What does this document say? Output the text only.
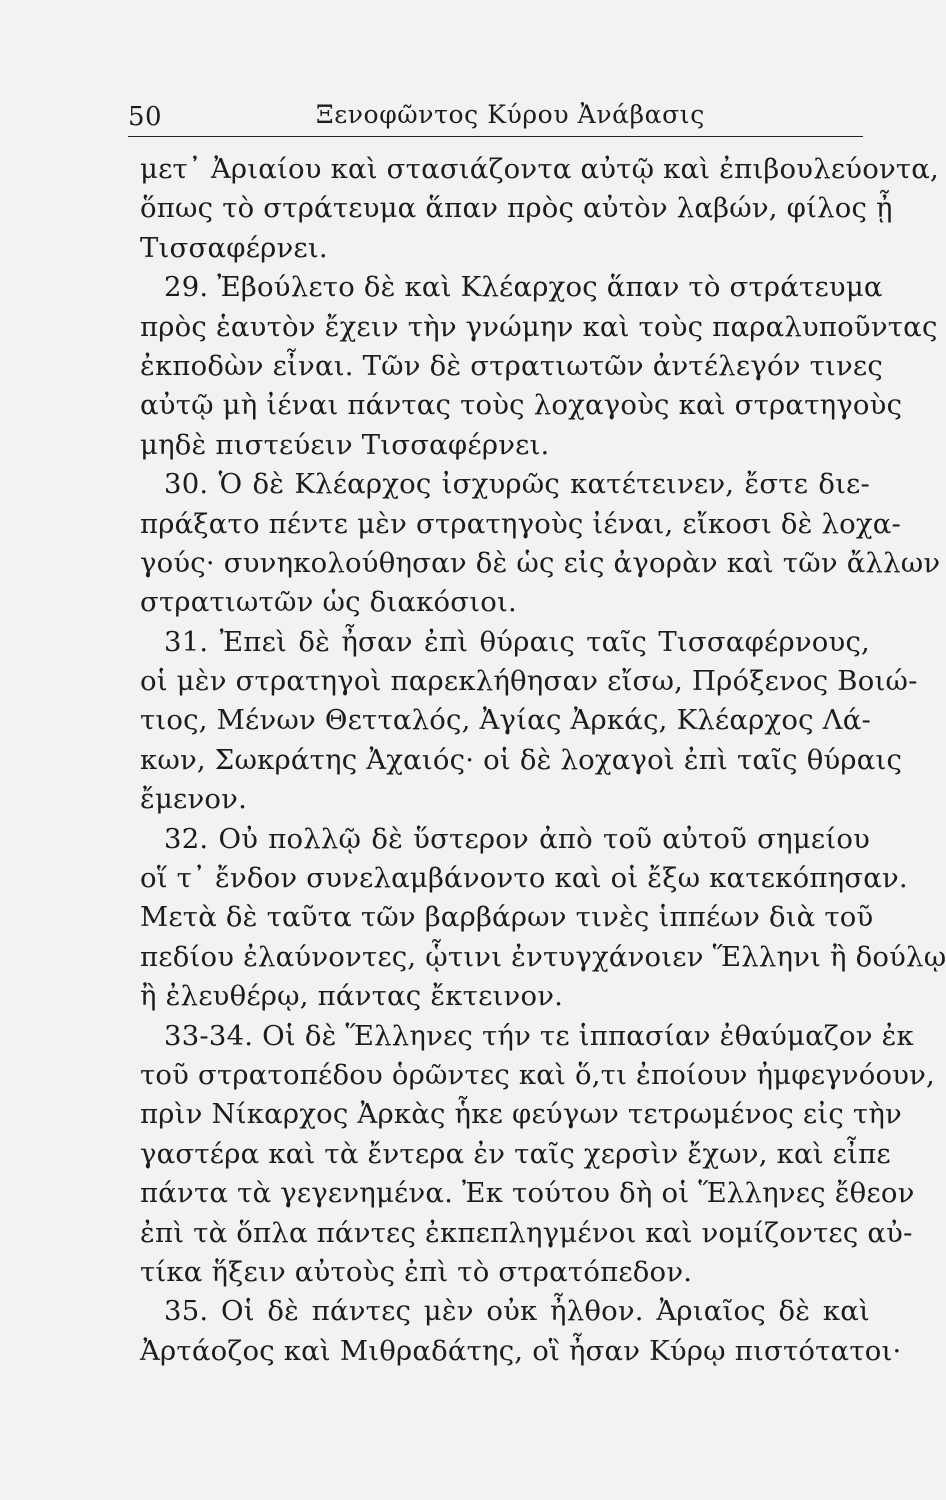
50	Ξενοφῶντος Κύρου Ἀνάβασις
μετ᾽ Ἀριαίου καὶ στασιάζοντα αὐτῷ καὶ ἐπιβουλεύοντα,
ὅπως τὸ στράτευμα ἅπαν πρὸς αὐτὸν λαβών, φίλος ᾖ
Τισσαφέρνει.
29. Ἐβούλετο δὲ καὶ Κλέαρχος ἅπαν τὸ στράτευμα
πρὸς ἑαυτὸν ἔχειν τὴν γνώμην καὶ τοὺς παραλυποῦντας
ἐκποδὼν εἶναι. Τῶν δὲ στρατιωτῶν ἀντέλεγόν τινες
αὐτῷ μὴ ἰέναι πάντας τοὺς λοχαγοὺς καὶ στρατηγοὺς
μηδὲ πιστεύειν Τισσαφέρνει.
30. Ὁ δὲ Κλέαρχος ἰσχυρῶς κατέτεινεν, ἔστε διε-
πράξατο πέντε μὲν στρατηγοὺς ἰέναι, εἴκοσι δὲ λοχα-
γούς· συνηκολούθησαν δὲ ὡς εἰς ἀγορὰν καὶ τῶν ἄλλων
στρατιωτῶν ὡς διακόσιοι.
31. Ἐπεὶ δὲ ἦσαν ἐπὶ θύραις ταῖς Τισσαφέρνους,
οἱ μὲν στρατηγοὶ παρεκλήθησαν εἴσω, Πρόξενος Βοιώ-
τιος, Μένων Θετταλός, Ἀγίας Ἀρκάς, Κλέαρχος Λά-
κων, Σωκράτης Ἀχαιός· οἱ δὲ λοχαγοὶ ἐπὶ ταῖς θύραις
ἔμενον.
32. Οὐ πολλῷ δὲ ὕστερον ἀπὸ τοῦ αὐτοῦ σημείου
οἵ τ᾽ ἔνδον συνελαμβάνοντο καὶ οἱ ἔξω κατεκόπησαν.
Μετὰ δὲ ταῦτα τῶν βαρβάρων τινὲς ἱππέων διὰ τοῦ
πεδίου ἐλαύνοντες, ᾧτινι ἐντυγχάνοιεν Ἕλληνι ἢ δούλῳ
ἢ ἐλευθέρῳ, πάντας ἔκτεινον.
33-34. Οἱ δὲ Ἕλληνες τήν τε ἱππασίαν ἐθαύμαζον ἐκ
τοῦ στρατοπέδου ὁρῶντες καὶ ὅ,τι ἐποίουν ἠμφεγνόουν,
πρὶν Νίκαρχος Ἀρκὰς ἧκε φεύγων τετρωμένος εἰς τὴν
γαστέρα καὶ τὰ ἔντερα ἐν ταῖς χερσὶν ἔχων, καὶ εἶπε
πάντα τὰ γεγενημένα. Ἐκ τούτου δὴ οἱ Ἕλληνες ἔθεον
ἐπὶ τὰ ὅπλα πάντες ἐκπεπληγμένοι καὶ νομίζοντες αὐ-
τίκα ἥξειν αὐτοὺς ἐπὶ τὸ στρατόπεδον.
35. Οἱ δὲ πάντες μὲν οὐκ ἦλθον. Ἀριαῖος δὲ καὶ
Ἀρτάοζος καὶ Μιθραδάτης, οἳ ἦσαν Κύρῳ πιστότατοι·
